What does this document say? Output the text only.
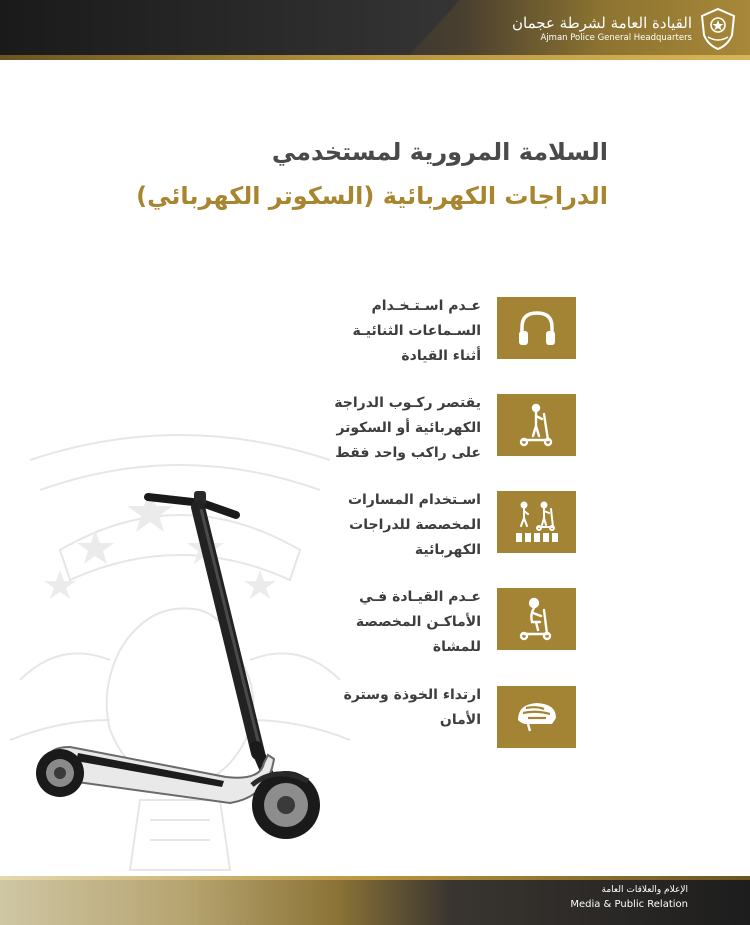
القيادة العامة لشرطة عجمان
Ajman Police General Headquarters
السلامة المرورية لمستخدمي
الدراجات الكهربائية (السكوتر الكهربائي)
عـدم اسـتـخـدام
السـماعات الثنائيـة
أثناء القيادة
يقتصر ركـوب الدراجة
الكهربائية أو السكوتر
على راكب واحد فقط
اسـتخدام المسارات
المخصصة للدراجات
الكهربائية
عـدم القيـادة فـي
الأماكـن المخصصة
للمشاة
ارتداء الخوذة وسترة
الأمان
الإعلام والعلاقات العامة
Media & Public Relation
